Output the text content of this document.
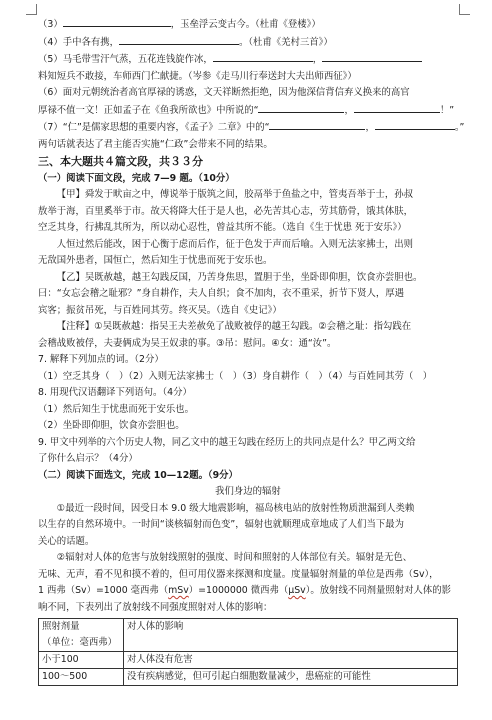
（3）	，玉垒浮云变古今。（杜甫《登楼》）
（4）手中各有携，	。（杜甫《羌村三首》）
（5）马毛带雪汗气蒸，五花连钱旋作冰，	，
料知短兵不敢接，车师西门伫献捷。（岑参《走马川行奉送封大夫出师西征》）
（6）面对元朝统治者高官厚禄的诱惑，文天祥断然拒绝，因为他深信背信弃义换来的高官
厚禄不值一文！正如孟子在《鱼我所欲也》中所说的“	，	！”
（7）“仁”是儒家思想的重要内容，《孟子》二章》中的“	，	。”
两句话就表达了君主能否实施“仁政”会带来不同的结果。
三、本大题共４篇文段，共３３分
（一）阅读下面文段，完成 7—9 题。（10分）
【甲】舜发于畎亩之中，傅说举于版筑之间，胶鬲举于鱼盐之中，管夷吾举于士，孙叔
敖举于海，百里奚举于市。故天将降大任于是人也，必先苦其心志，劳其筋骨，饿其体肤，
空乏其身，行拂乱其所为，所以动心忍性，曾益其所不能。（选自《生于忧患 死于安乐》）
人恒过然后能改，困于心衡于虑而后作，征于色发于声而后喻。入则无法家拂士，出则
无敌国外患者，国恒亡，然后知生于忧患而死于安乐也。
【乙】吴既赦越，越王勾践反国，乃苦身焦思，置胆于坐，坐卧即仰胆，饮食亦尝胆也。
曰：“女忘会稽之耻邪？”身自耕作，夫人自织；食不加肉，衣不重采，折节下贤人，厚遇
宾客；振贫吊死，与百姓同其劳。终灭吴。（选自《史记》）
【注释】①吴既赦越：指吴王夫差赦免了战败被俘的越王勾践。②会稽之耻：指勾践在
会稽战败被俘，夫妻俩成为吴王奴隶的事。③吊：慰问。④女：通“汝”。
7. 解释下列加点的词。（2分）
（1）空乏其身（　）（2）入则无法家拂士（　）（3）身自耕作（　）（4）与百姓同其劳（　）
8. 用现代汉语翻译下列语句。（4分）
（1）然后知生于忧患而死于安乐也。
（2）坐卧即仰胆，饮食亦尝胆也。
9. 甲文中列举的六个历史人物，同乙文中的越王勾践在经历上的共同点是什么？甲乙两文给
了你什么启示？（4分）
（二）阅读下面选文，完成 10—12题。（9分）
我们身边的辐射
①最近一段时间，因受日本 9.0 级大地震影响，福岛核电站的放射性物质泄漏到人类赖
以生存的自然环境中。一时间“谈核辐射而色变”，辐射也就顺理成章地成了人们当下最为
关心的话题。
②辐射对人体的危害与放射线照射的强度、时间和照射的人体部位有关。辐射是无色、
无味、无声，看不见和摸不着的，但可用仪器来探测和度量。度量辐射剂量的单位是西弗（Sv），
1 西弗（Sv）=1000 毫西弗（mSv）=1000000 微西弗（μSv）。放射线不同剂量照射对人体的影
响不同，下表列出了放射线不同强度照射对人体的影响：
照射剂量
（单位：毫西弗）	对人体的影响
小于100	对人体没有危害
100～500	没有疾病感觉，但可引起白细胞数量减少，患癌症的可能性
